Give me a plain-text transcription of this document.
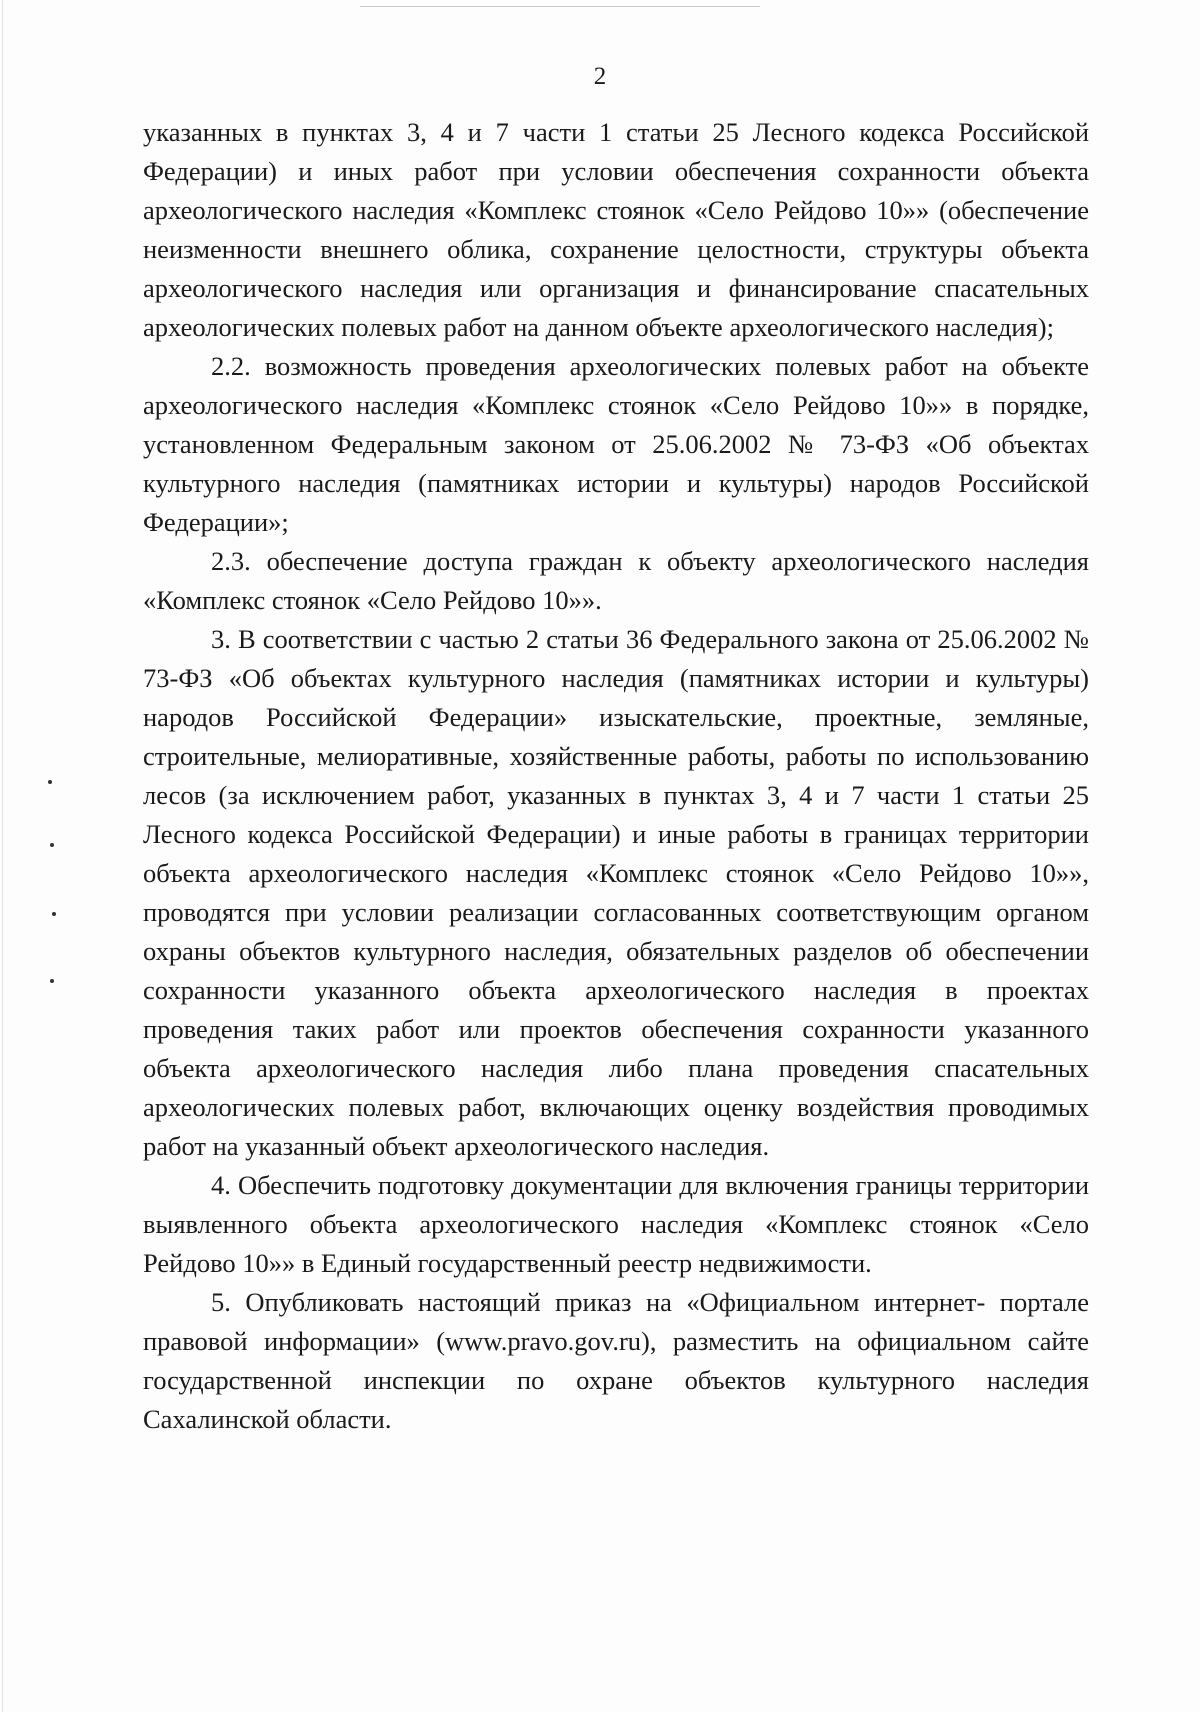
2

указанных в пунктах 3, 4 и 7 части 1 статьи 25 Лесного кодекса Российской Федерации) и иных работ при условии обеспечения сохранности объекта археологического наследия «Комплекс стоянок «Село Рейдово 10»» (обеспечение неизменности внешнего облика, сохранение целостности, структуры объекта археологического наследия или организация и финансирование спасательных археологических полевых работ на данном объекте археологического наследия);

2.2. возможность проведения археологических полевых работ на объекте археологического наследия «Комплекс стоянок «Село Рейдово 10»» в порядке, установленном Федеральным законом от 25.06.2002 № 73-ФЗ «Об объектах культурного наследия (памятниках истории и культуры) народов Российской Федерации»;

2.3. обеспечение доступа граждан к объекту археологического наследия «Комплекс стоянок «Село Рейдово 10»».

3. В соответствии с частью 2 статьи 36 Федерального закона от 25.06.2002 № 73-ФЗ «Об объектах культурного наследия (памятниках истории и культуры) народов Российской Федерации» изыскательские, проектные, земляные, строительные, мелиоративные, хозяйственные работы, работы по использованию лесов (за исключением работ, указанных в пунктах 3, 4 и 7 части 1 статьи 25 Лесного кодекса Российской Федерации) и иные работы в границах территории объекта археологического наследия «Комплекс стоянок «Село Рейдово 10»», проводятся при условии реализации согласованных соответствующим органом охраны объектов культурного наследия, обязательных разделов об обеспечении сохранности указанного объекта археологического наследия в проектах проведения таких работ или проектов обеспечения сохранности указанного объекта археологического наследия либо плана проведения спасательных археологических полевых работ, включающих оценку воздействия проводимых работ на указанный объект археологического наследия.

4. Обеспечить подготовку документации для включения границы территории выявленного объекта археологического наследия «Комплекс стоянок «Село Рейдово 10»» в Единый государственный реестр недвижимости.

5. Опубликовать настоящий приказ на «Официальном интернет- портале правовой информации» (www.pravo.gov.ru), разместить на официальном сайте государственной инспекции по охране объектов культурного наследия Сахалинской области.
